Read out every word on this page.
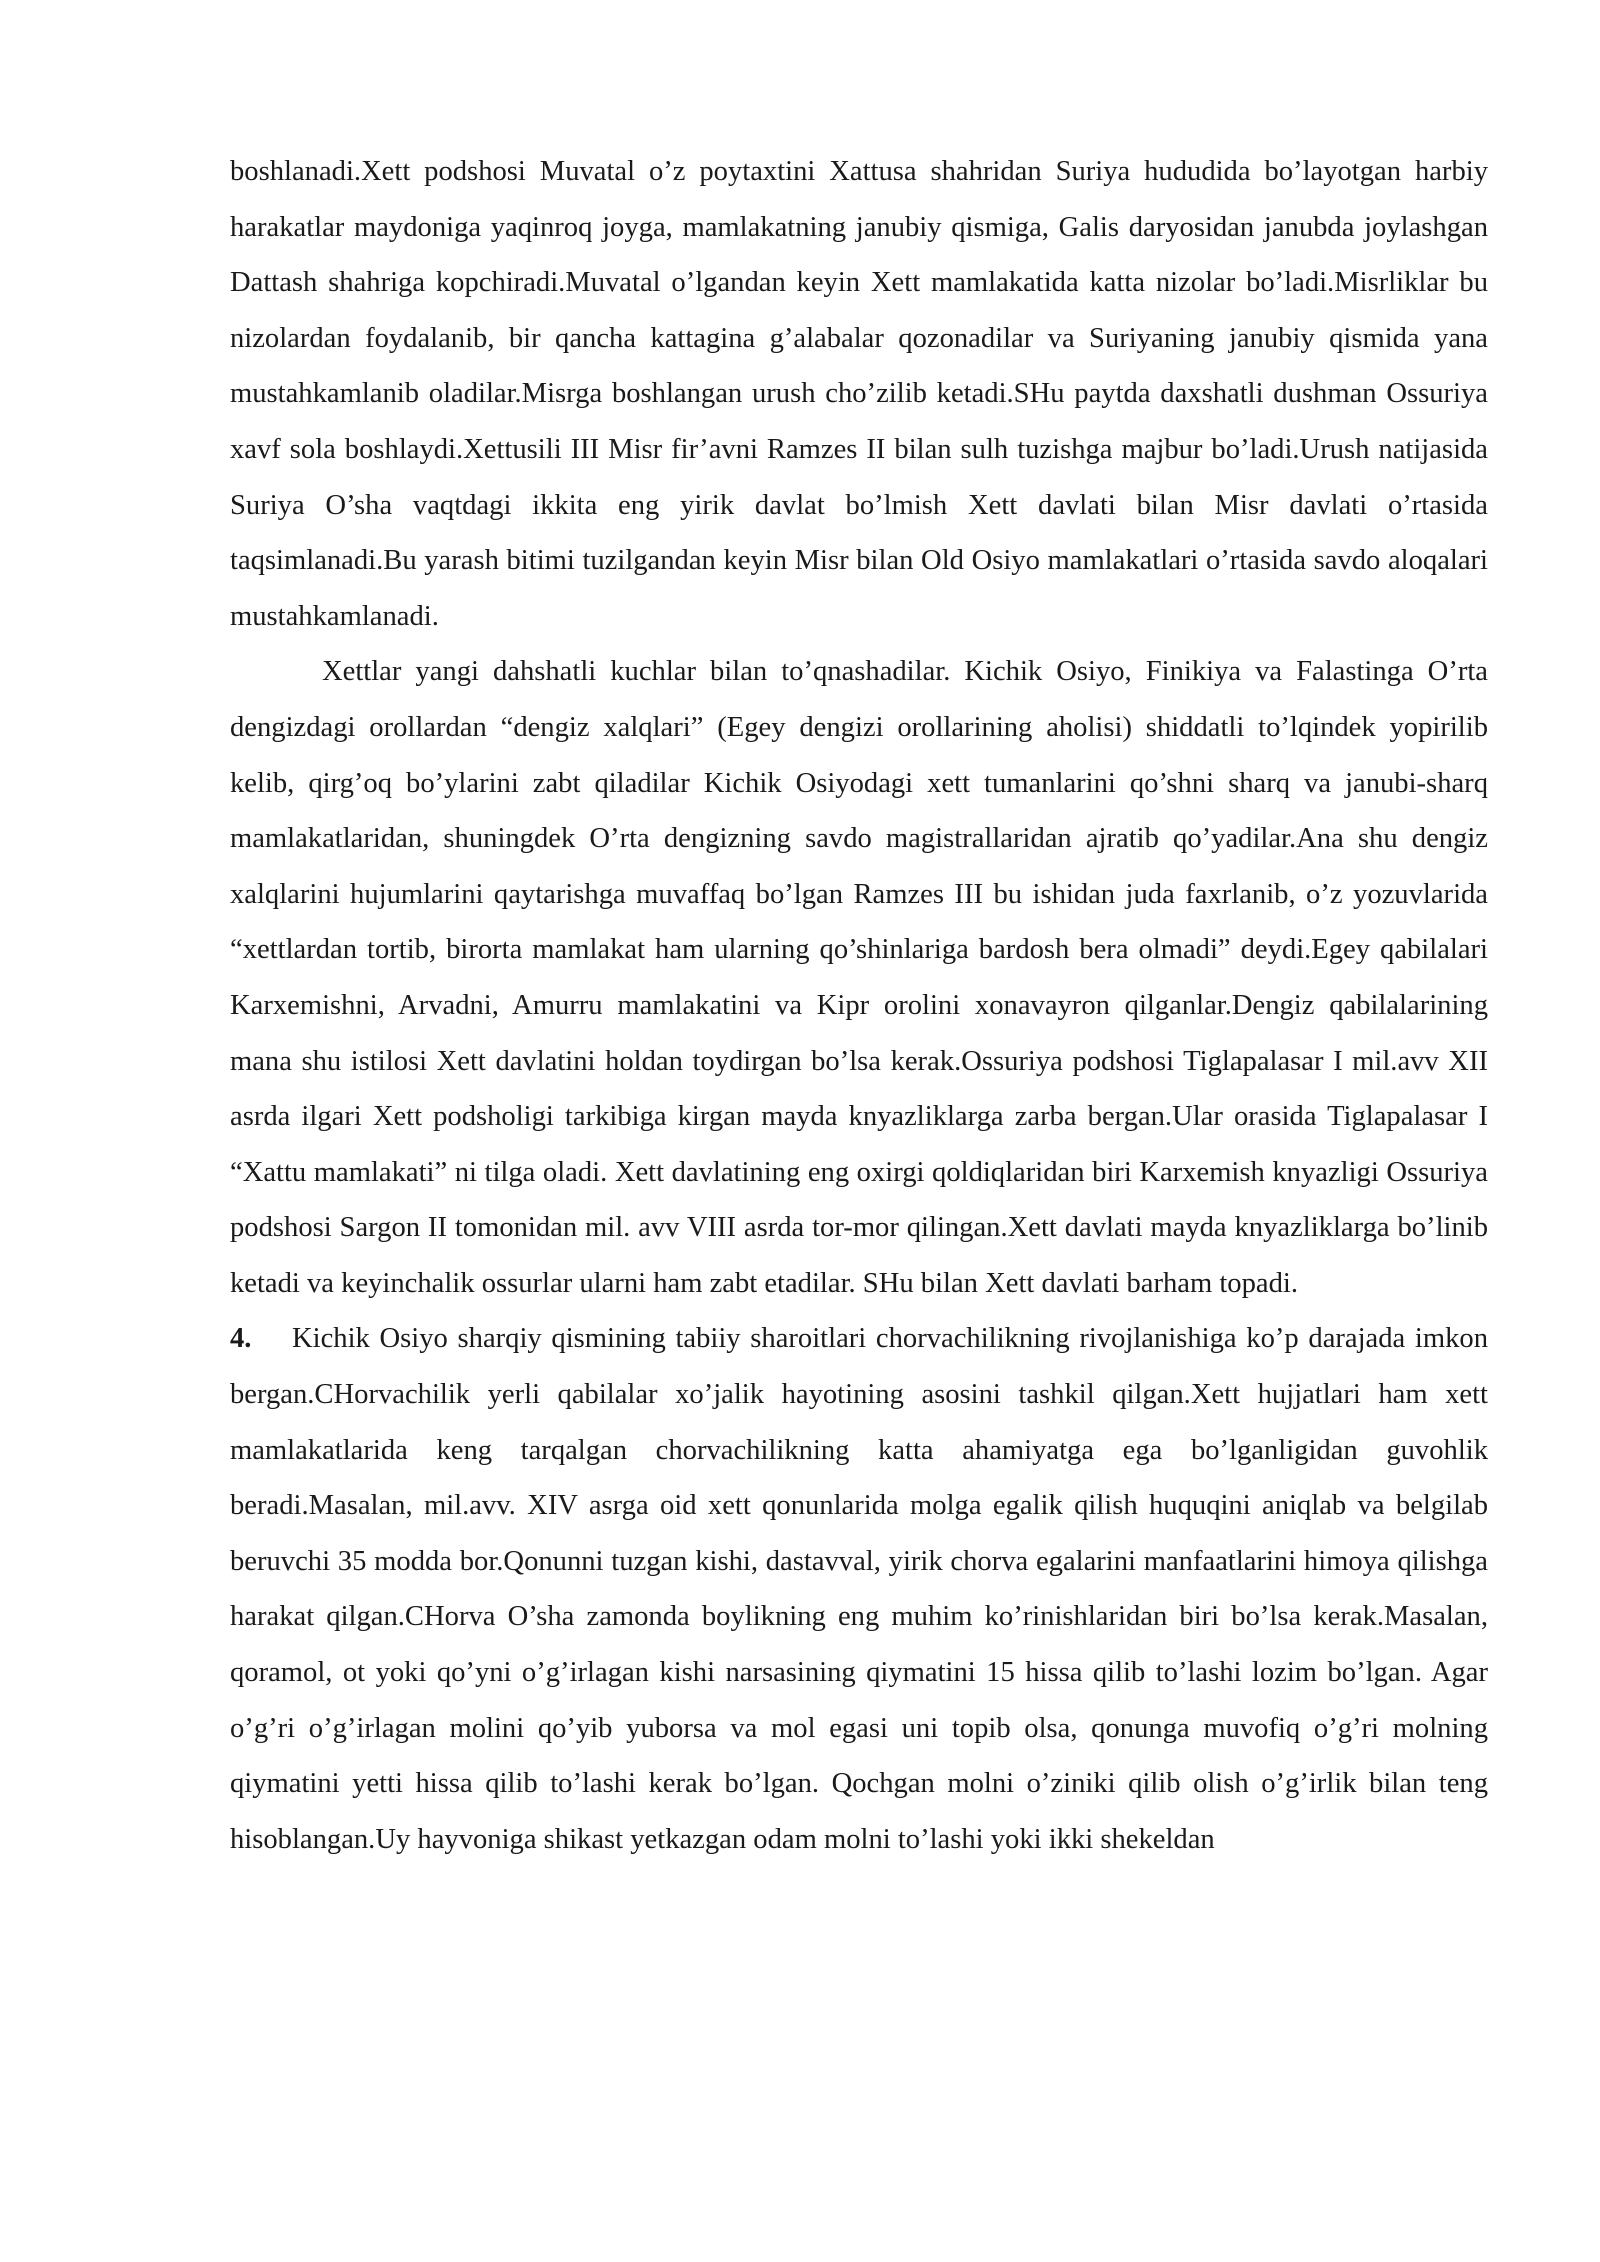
boshlanadi.Xett podshosi Muvatal o’z poytaxtini Xattusa shahridan Suriya hududida bo’layotgan harbiy harakatlar maydoniga yaqinroq joyga, mamlakatning janubiy qismiga, Galis daryosidan janubda joylashgan Dattash shahriga kopchiradi.Muvatal o’lgandan keyin Xett mamlakatida katta nizolar bo’ladi.Misrliklar bu nizolardan foydalanib, bir qancha kattagina g’alabalar qozonadilar va Suriyaning janubiy qismida yana mustahkamlanib oladilar.Misrga boshlangan urush cho’zilib ketadi.SHu paytda daxshatli dushman Ossuriya xavf sola boshlaydi.Xettusili III Misr fir’avni Ramzes II bilan sulh tuzishga majbur bo’ladi.Urush natijasida Suriya O’sha vaqtdagi ikkita eng yirik davlat bo’lmish Xett davlati bilan Misr davlati o’rtasida taqsimlanadi.Bu yarash bitimi tuzilgandan keyin Misr bilan Old Osiyo mamlakatlari o’rtasida savdo aloqalari mustahkamlanadi.

Xettlar yangi dahshatli kuchlar bilan to’qnashadilar. Kichik Osiyo, Finikiya va Falastinga O’rta dengizdagi orollardan “dengiz xalqlari” (Egey dengizi orollarining aholisi) shiddatli to’lqindek yopirilib kelib, qirg’oq bo’ylarini zabt qiladilar Kichik Osiyodagi xett tumanlarini qo’shni sharq va janubi-sharq mamlakatlaridan, shuningdek O’rta dengizning savdo magistrallaridan ajratib qo’yadilar.Ana shu dengiz xalqlarini hujumlarini qaytarishga muvaffaq bo’lgan Ramzes III bu ishidan juda faxrlanib, o’z yozuvlarida “xettlardan tortib, birorta mamlakat ham ularning qo’shinlariga bardosh bera olmadi” deydi.Egey qabilalari Karxemishni, Arvadni, Amurru mamlakatini va Kipr orolini xonavayron qilganlar.Dengiz qabilalarining mana shu istilosi Xett davlatini holdan toydirgan bo’lsa kerak.Ossuriya podshosi Tiglapalasar I mil.avv XII asrda ilgari Xett podsholigi tarkibiga kirgan mayda knyazliklarga zarba bergan.Ular orasida Tiglapalasar I “Xattu mamlakati” ni tilga oladi. Xett davlatining eng oxirgi qoldiqlaridan biri Karxemish knyazligi Ossuriya podshosi Sargon II tomonidan mil. avv VIII asrda tor-mor qilingan.Xett davlati mayda knyazliklarga bo’linib ketadi va keyinchalik ossurlar ularni ham zabt etadilar. SHu bilan Xett davlati barham topadi.

4. Kichik Osiyo sharqiy qismining tabiiy sharoitlari chorvachilikning rivojlanishiga ko’p darajada imkon bergan.CHorvachilik yerli qabilalar xo’jalik hayotining asosini tashkil qilgan.Xett hujjatlari ham xett mamlakatlarida keng tarqalgan chorvachilikning katta ahamiyatga ega bo’lganligidan guvohlik beradi.Masalan, mil.avv. XIV asrga oid xett qonunlarida molga egalik qilish huquqini aniqlab va belgilab beruvchi 35 modda bor.Qonunni tuzgan kishi, dastavval, yirik chorva egalarini manfaatlarini himoya qilishga harakat qilgan.CHorva O’sha zamonda boylikning eng muhim ko’rinishlaridan biri bo’lsa kerak.Masalan, qoramol, ot yoki qo’yni o’g’irlagan kishi narsasining qiymatini 15 hissa qilib to’lashi lozim bo’lgan. Agar o’g’ri o’g’irlagan molini qo’yib yuborsa va mol egasi uni topib olsa, qonunga muvofiq o’g’ri molning qiymatini yetti hissa qilib to’lashi kerak bo’lgan. Qochgan molni o’ziniki qilib olish o’g’irlik bilan teng hisoblangan.Uy hayvoniga shikast yetkazgan odam molni to’lashi yoki ikki shekeldan
